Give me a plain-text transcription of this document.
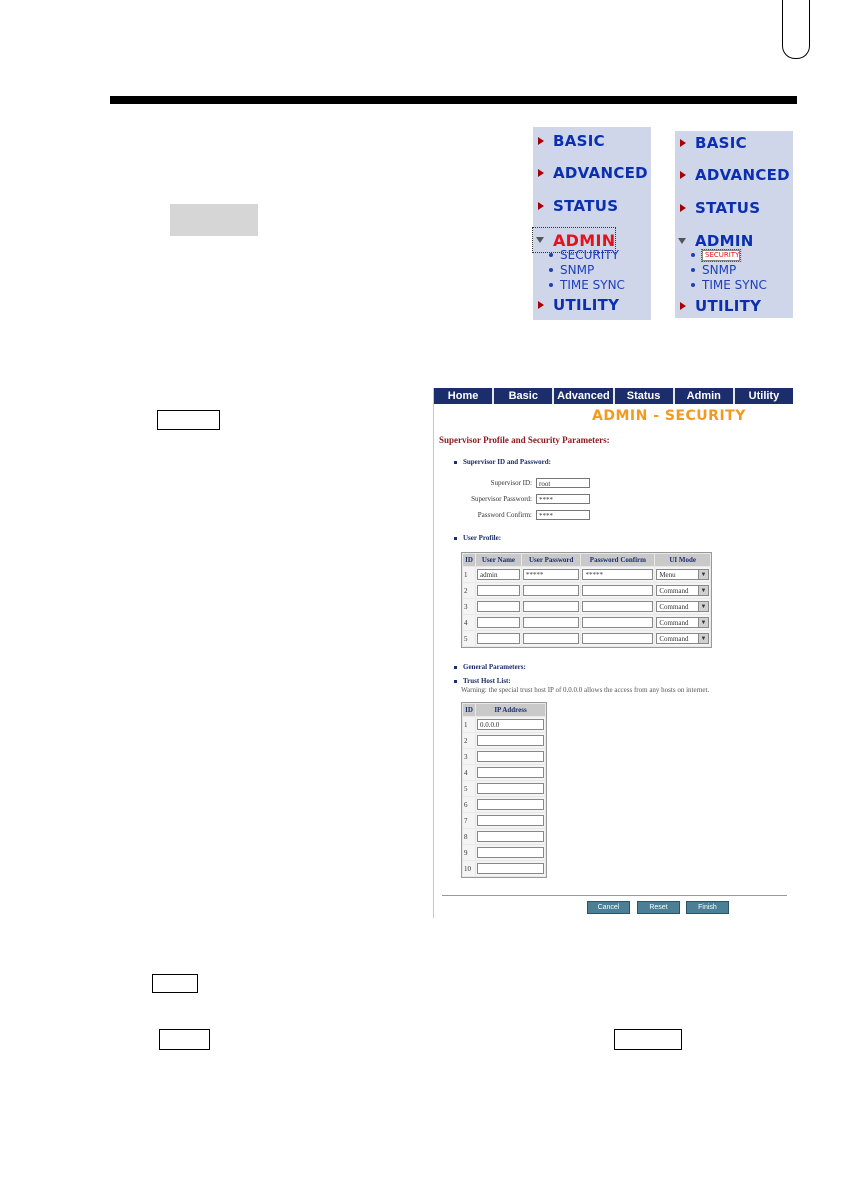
BASIC
ADVANCED
STATUS
ADMIN
SECURITY
SNMP
TIME SYNC
UTILITY
BASIC
ADVANCED
STATUS
ADMIN
SECURITY
SNMP
TIME SYNC
UTILITY
Home	Basic	Advanced	Status	Admin	Utility
ADMIN - SECURITY
Supervisor Profile and Security Parameters:
Supervisor ID and Password:
Supervisor ID:	root
Supervisor Password:	****
Password Confirm:	****
User Profile:
ID	User Name	User Password	Password Confirm	UI Mode
1	admin	*****	*****	Menu ▼

2				Command ▼

3				Command ▼

4				Command ▼

5				Command ▼
General Parameters:
Trust Host List:
Warning: the special trust host IP of 0.0.0.0 allows the access from any hosts on internet.
ID	IP Address
1	0.0.0.0

2	

3	

4	

5	

6	

7	

8	

9	

10	
Cancel	Reset	Finish
